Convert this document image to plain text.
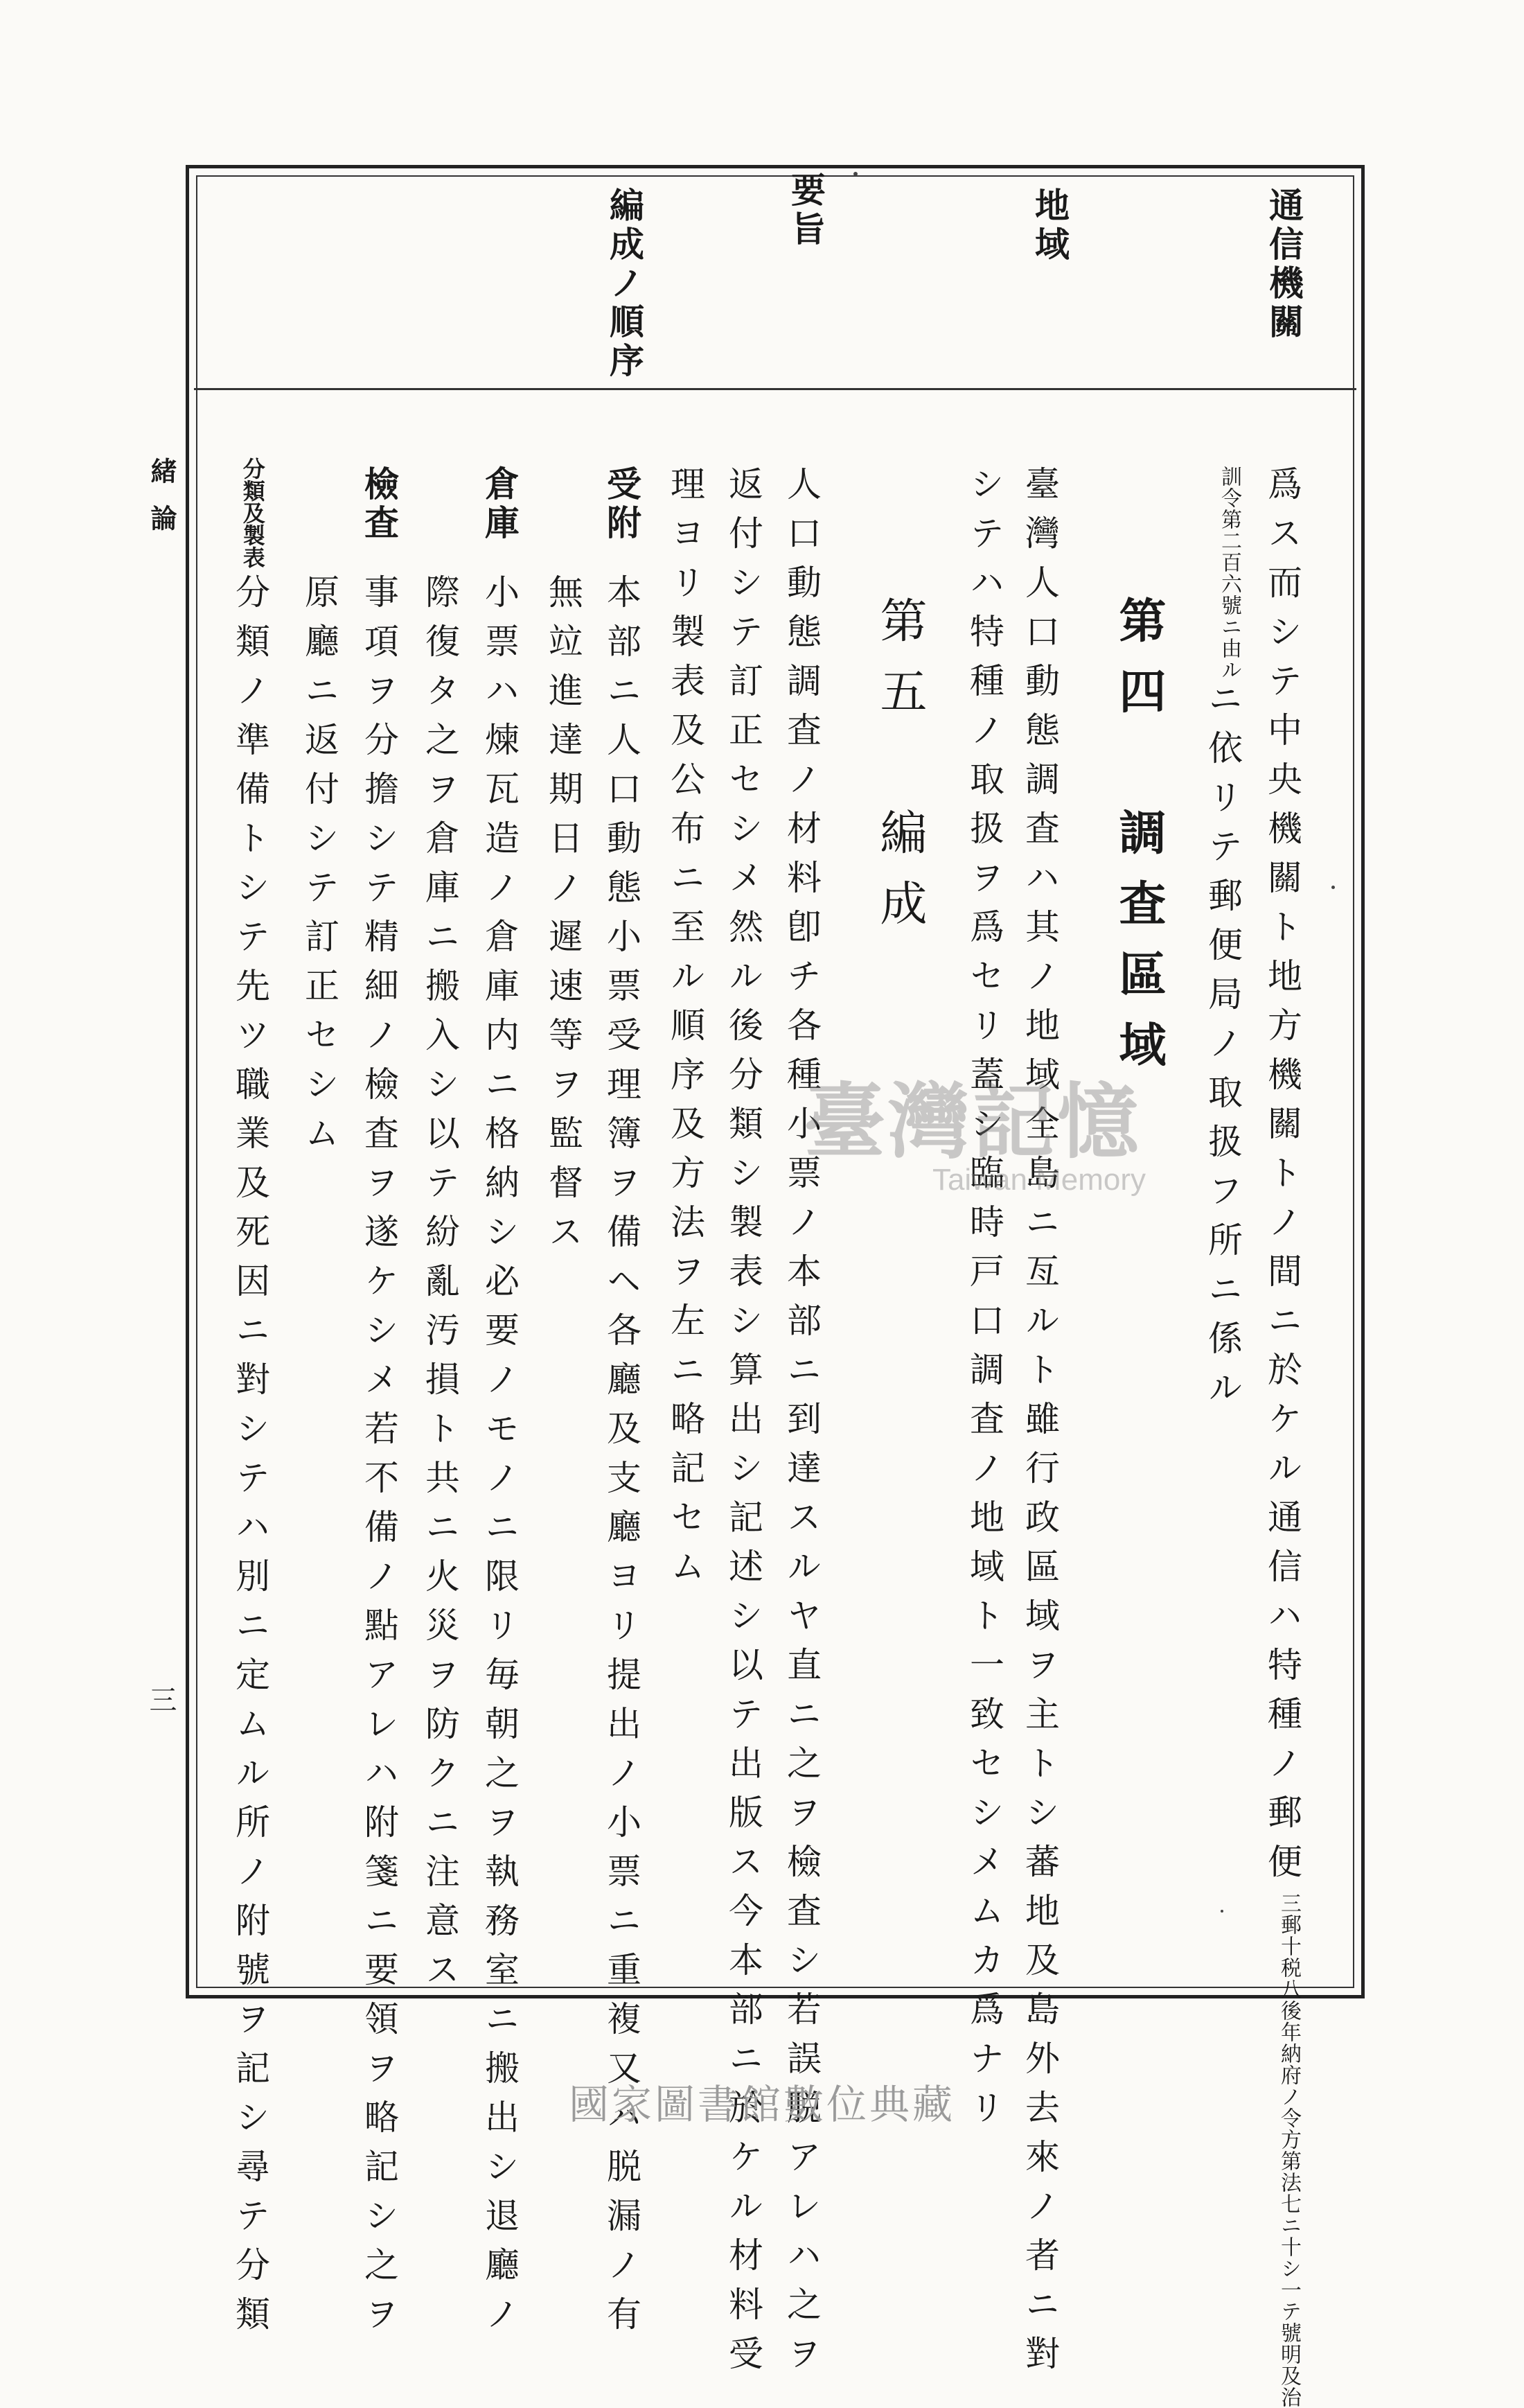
通信機關
地域
要旨
編成ノ順序
爲ス而シテ中央機關ト地方機關トノ間ニ於ケル通信ハ特種ノ郵便三郵十税八後年納府ノ令方第法七ニ十シ一テ號明及治
訓令第二百六號ニ由ルニ依リテ郵便局ノ取扱フ所ニ係ル
第四　調査區域
臺灣人口動態調査ハ其ノ地域全島ニ亙ルト雖行政區域ヲ主トシ蕃地及島外去來ノ者ニ對
シテハ特種ノ取扱ヲ爲セリ蓋シ臨時戸口調査ノ地域ト一致セシメムカ爲ナリ
第五　編成
人口動態調査ノ材料卽チ各種小票ノ本部ニ到達スルヤ直ニ之ヲ檢査シ若誤脱アレハ之ヲ
返付シテ訂正セシメ然ル後分類シ製表シ算出シ記述シ以テ出版ス今本部ニ於ケル材料受
理ヨリ製表及公布ニ至ル順序及方法ヲ左ニ略記セム
受附
本部ニ人口動態小票受理簿ヲ備ヘ各廳及支廳ヨリ提出ノ小票ニ重複又ハ脱漏ノ有
無竝進達期日ノ遲速等ヲ監督ス
倉庫
小票ハ煉瓦造ノ倉庫内ニ格納シ必要ノモノニ限リ毎朝之ヲ執務室ニ搬出シ退廳ノ
際復タ之ヲ倉庫ニ搬入シ以テ紛亂汚損ト共ニ火災ヲ防クニ注意ス
檢査
事項ヲ分擔シテ精細ノ檢査ヲ遂ケシメ若不備ノ點アレハ附箋ニ要領ヲ略記シ之ヲ
原廳ニ返付シテ訂正セシム
分類及製表
分類ノ準備トシテ先ツ職業及死因ニ對シテハ別ニ定ムル所ノ附號ヲ記シ尋テ分類
緒論
三
臺灣記憶
Taiwan Memory
國家圖書館數位典藏
